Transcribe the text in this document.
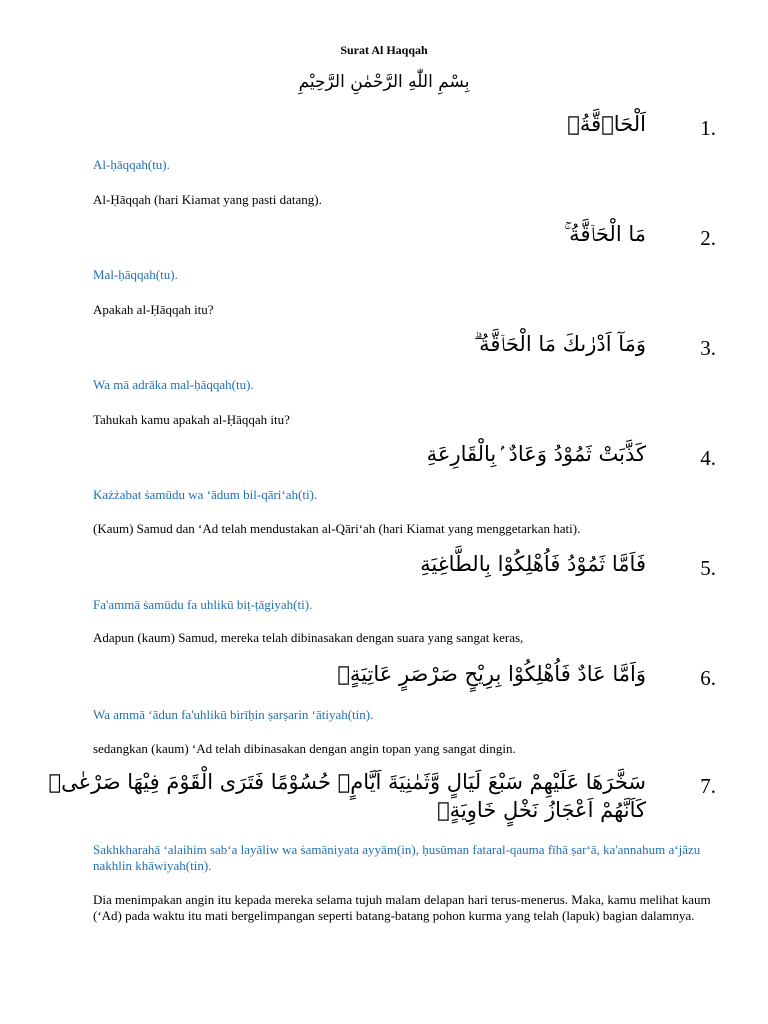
Surat Al Haqqah
بِسْمِ اللّٰهِ الرَّحْمٰنِ الرَّحِيْمِ
1.
اَلْحَاۤقَّةُۙ
Al-ḥāqqah(tu).
Al-Ḥāqqah (hari Kiamat yang pasti datang).
2.
مَا الْحَاۤقَّةُ ۚ
Mal-ḥāqqah(tu).
Apakah al-Ḥāqqah itu?
3.
وَمَآ اَدْرٰىكَ مَا الْحَاۤقَّةُ ۗ
Wa mā adrāka mal-ḥāqqah(tu).
Tahukah kamu apakah al-Ḥāqqah itu?
4.
كَذَّبَتْ ثَمُوْدُ وَعَادٌ ۢبِالْقَارِعَةِ
Każżabat ṡamūdu wa ‘ādum bil-qāri‘ah(ti).
(Kaum) Samud dan ‘Ad telah mendustakan al-Qāri‘ah (hari Kiamat yang menggetarkan hati).
5.
فَاَمَّا ثَمُوْدُ فَاُهْلِكُوْا بِالطَّاغِيَةِ
Fa'ammā ṡamūdu fa uhlikū biṭ-ṭāgiyah(ti).
Adapun (kaum) Samud, mereka telah dibinasakan dengan suara yang sangat keras,
6.
وَاَمَّا عَادٌ فَاُهْلِكُوْا بِرِيْحٍ صَرْصَرٍ عَاتِيَةٍۙ
Wa ammā ‘ādun fa'uhlikū birīḥin ṣarṣarin ‘ātiyah(tin).
sedangkan (kaum) ‘Ad telah dibinasakan dengan angin topan yang sangat dingin.
7.
سَخَّرَهَا عَلَيْهِمْ سَبْعَ لَيَالٍ وَّثَمٰنِيَةَ اَيَّامٍۙ حُسُوْمًا فَتَرَى الْقَوْمَ فِيْهَا صَرْعٰىۙ كَاَنَّهُمْ اَعْجَازُ نَخْلٍ خَاوِيَةٍۚ
Sakhkharahā ‘alaihim sab‘a layāliw wa ṡamāniyata ayyām(in), ḥusūman fataral-qauma fīhā ṣar‘ā, ka'annahum a‘jāzu nakhlin khāwiyah(tin).
Dia menimpakan angin itu kepada mereka selama tujuh malam delapan hari terus-menerus. Maka, kamu melihat kaum (‘Ad) pada waktu itu mati bergelimpangan seperti batang-batang pohon kurma yang telah (lapuk) bagian dalamnya.
